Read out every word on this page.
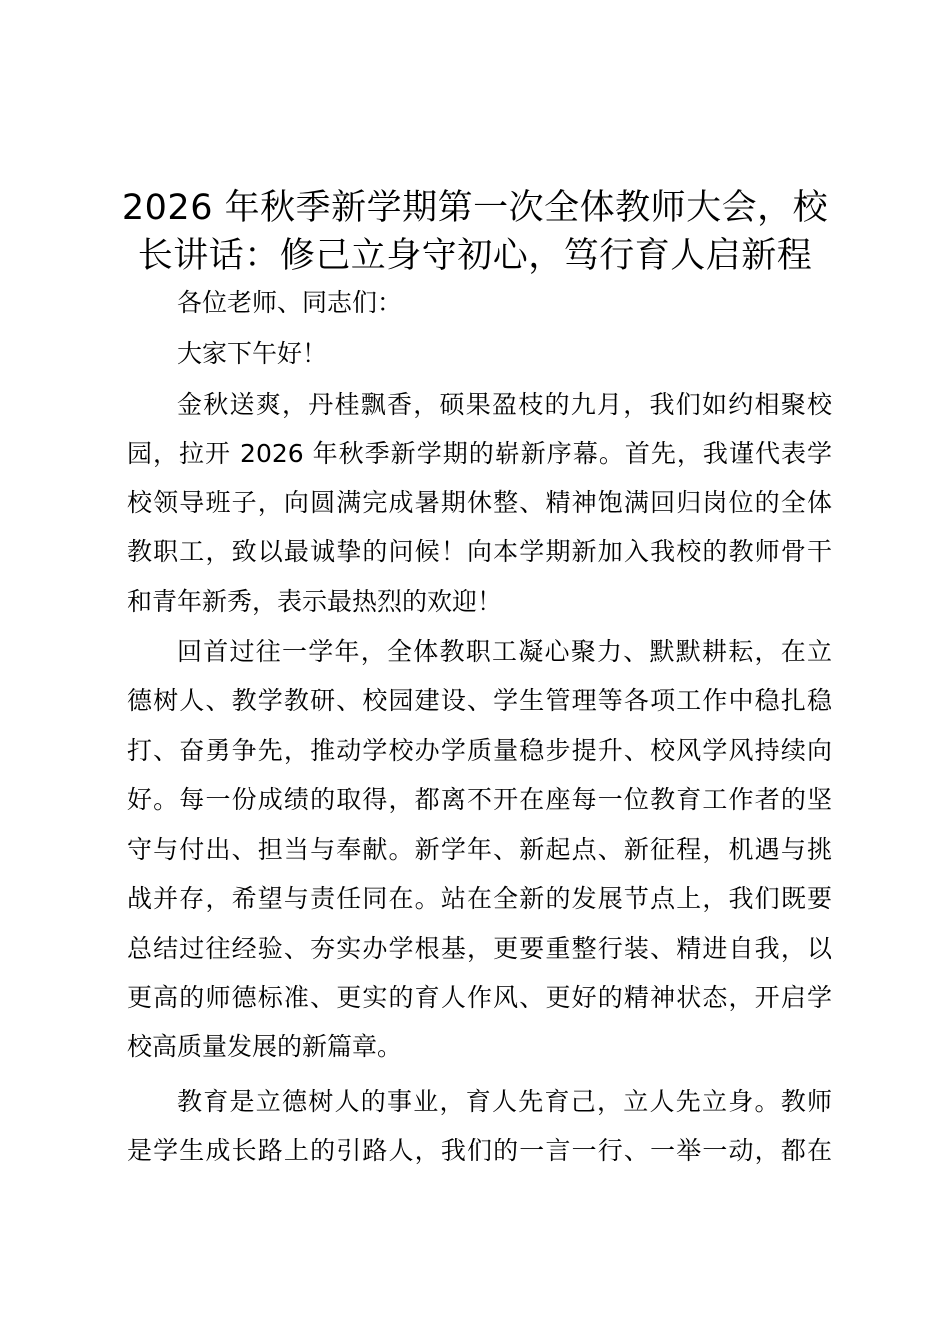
2026 年秋季新学期第一次全体教师大会，校
长讲话：修己立身守初心，笃行育人启新程
各位老师、同志们：
大家下午好！
金秋送爽，丹桂飘香，硕果盈枝的九月，我们如约相聚校
园，拉开 2026 年秋季新学期的崭新序幕。首先，我谨代表学
校领导班子，向圆满完成暑期休整、精神饱满回归岗位的全体
教职工，致以最诚挚的问候！向本学期新加入我校的教师骨干
和青年新秀，表示最热烈的欢迎！
回首过往一学年，全体教职工凝心聚力、默默耕耘，在立
德树人、教学教研、校园建设、学生管理等各项工作中稳扎稳
打、奋勇争先，推动学校办学质量稳步提升、校风学风持续向
好。每一份成绩的取得，都离不开在座每一位教育工作者的坚
守与付出、担当与奉献。新学年、新起点、新征程，机遇与挑
战并存，希望与责任同在。站在全新的发展节点上，我们既要
总结过往经验、夯实办学根基，更要重整行装、精进自我，以
更高的师德标准、更实的育人作风、更好的精神状态，开启学
校高质量发展的新篇章。
教育是立德树人的事业，育人先育己，立人先立身。教师
是学生成长路上的引路人，我们的一言一行、一举一动，都在
